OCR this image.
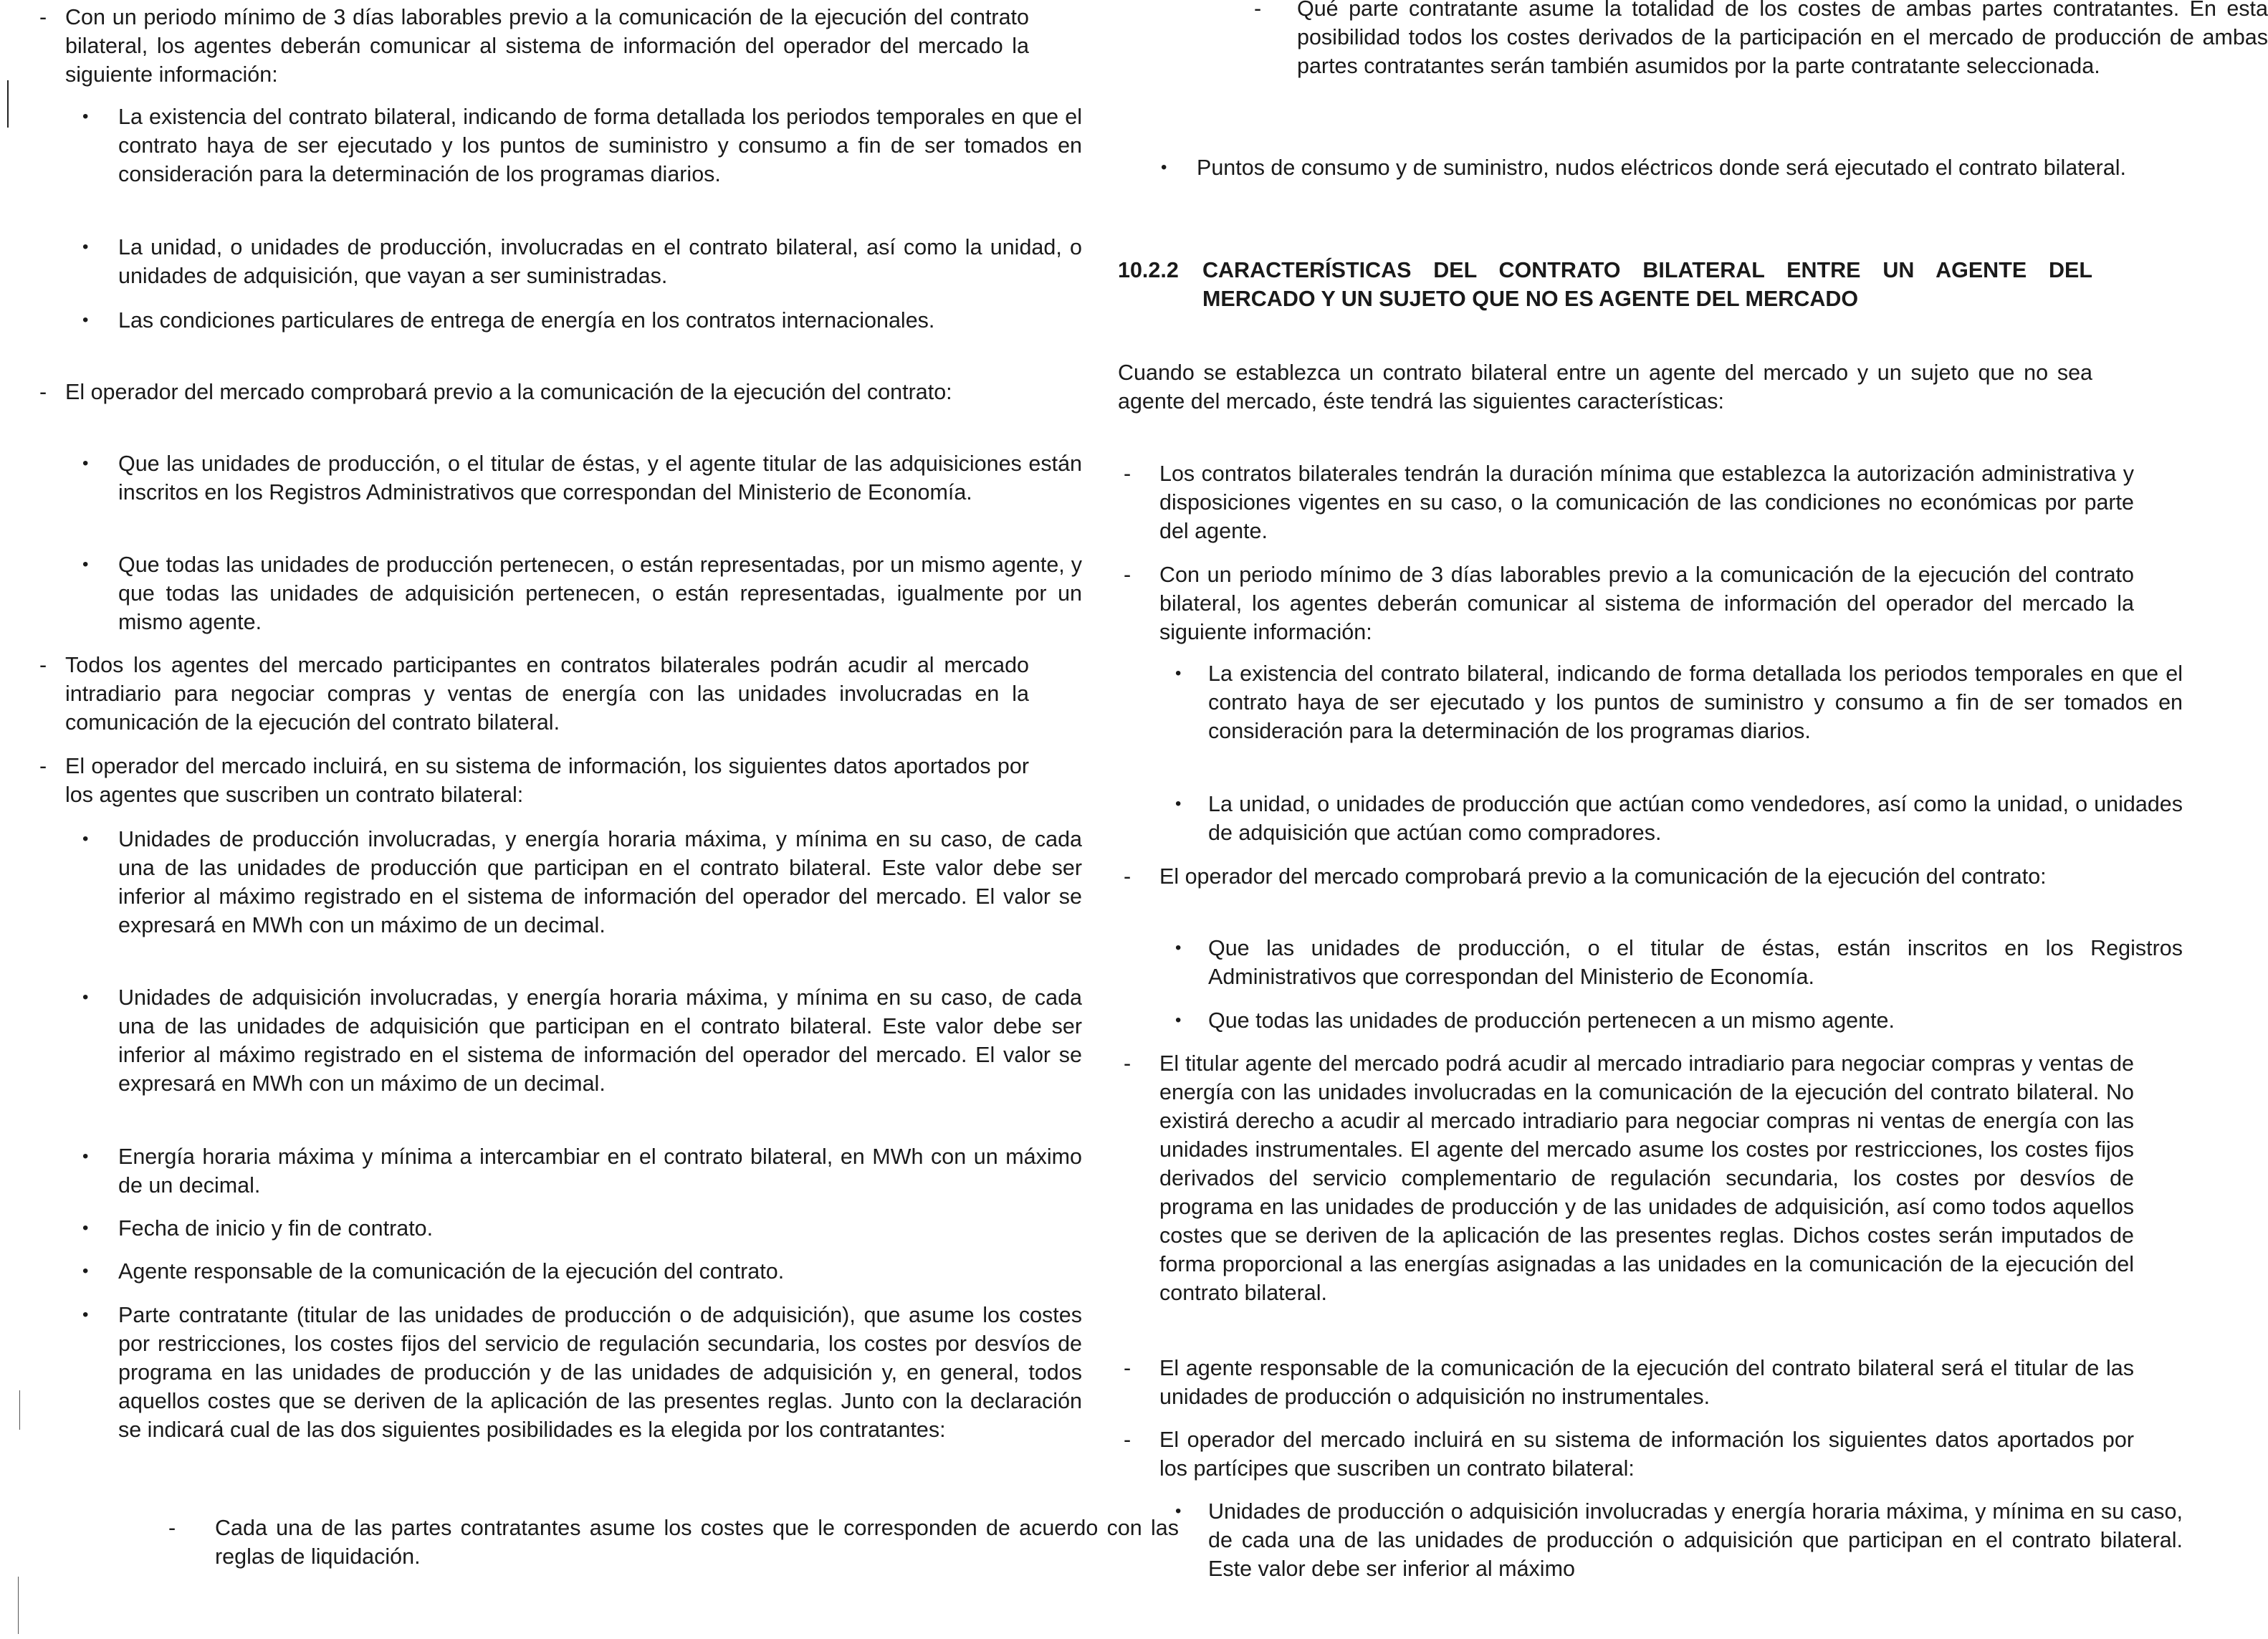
- Con un periodo mínimo de 3 días laborables previo a la comunicación de la ejecución del contrato bilateral, los agentes deberán comunicar al sistema de información del operador del mercado la siguiente información:

• La existencia del contrato bilateral, indicando de forma detallada los periodos temporales en que el contrato haya de ser ejecutado y los puntos de suministro y consumo a fin de ser tomados en consideración para la determinación de los programas diarios.

• La unidad, o unidades de producción, involucradas en el contrato bilateral, así como la unidad, o unidades de adquisición, que vayan a ser suministradas.

• Las condiciones particulares de entrega de energía en los contratos internacionales.

- El operador del mercado comprobará previo a la comunicación de la ejecución del contrato:

• Que las unidades de producción, o el titular de éstas, y el agente titular de las adquisiciones están inscritos en los Registros Administrativos que correspondan del Ministerio de Economía.

• Que todas las unidades de producción pertenecen, o están representadas, por un mismo agente, y que todas las unidades de adquisición pertenecen, o están representadas, igualmente por un mismo agente.

- Todos los agentes del mercado participantes en contratos bilaterales podrán acudir al mercado intradiario para negociar compras y ventas de energía con las unidades involucradas en la comunicación de la ejecución del contrato bilateral.

- El operador del mercado incluirá, en su sistema de información, los siguientes datos aportados por los agentes que suscriben un contrato bilateral:

• Unidades de producción involucradas, y energía horaria máxima, y mínima en su caso, de cada una de las unidades de producción que participan en el contrato bilateral. Este valor debe ser inferior al máximo registrado en el sistema de información del operador del mercado. El valor se expresará en MWh con un máximo de un decimal.

• Unidades de adquisición involucradas, y energía horaria máxima, y mínima en su caso, de cada una de las unidades de adquisición que participan en el contrato bilateral. Este valor debe ser inferior al máximo registrado en el sistema de información del operador del mercado. El valor se expresará en MWh con un máximo de un decimal.

• Energía horaria máxima y mínima a intercambiar en el contrato bilateral, en MWh con un máximo de un decimal.

• Fecha de inicio y fin de contrato.

• Agente responsable de la comunicación de la ejecución del contrato.

• Parte contratante (titular de las unidades de producción o de adquisición), que asume los costes por restricciones, los costes fijos del servicio de regulación secundaria, los costes por desvíos de programa en las unidades de producción y de las unidades de adquisición y, en general, todos aquellos costes que se deriven de la aplicación de las presentes reglas. Junto con la declaración se indicará cual de las dos siguientes posibilidades es la elegida por los contratantes:

- Cada una de las partes contratantes asume los costes que le corresponden de acuerdo con las reglas de liquidación.

- Qué parte contratante asume la totalidad de los costes de ambas partes contratantes. En esta posibilidad todos los costes derivados de la participación en el mercado de producción de ambas partes contratantes serán también asumidos por la parte contratante seleccionada.

• Puntos de consumo y de suministro, nudos eléctricos donde será ejecutado el contrato bilateral.

10.2.2 CARACTERÍSTICAS DEL CONTRATO BILATERAL ENTRE UN AGENTE DEL MERCADO Y UN SUJETO QUE NO ES AGENTE DEL MERCADO

Cuando se establezca un contrato bilateral entre un agente del mercado y un sujeto que no sea agente del mercado, éste tendrá las siguientes características:

- Los contratos bilaterales tendrán la duración mínima que establezca la autorización administrativa y disposiciones vigentes en su caso, o la comunicación de las condiciones no económicas por parte del agente.

- Con un periodo mínimo de 3 días laborables previo a la comunicación de la ejecución del contrato bilateral, los agentes deberán comunicar al sistema de información del operador del mercado la siguiente información:

• La existencia del contrato bilateral, indicando de forma detallada los periodos temporales en que el contrato haya de ser ejecutado y los puntos de suministro y consumo a fin de ser tomados en consideración para la determinación de los programas diarios.

• La unidad, o unidades de producción que actúan como vendedores, así como la unidad, o unidades de adquisición que actúan como compradores.

- El operador del mercado comprobará previo a la comunicación de la ejecución del contrato:

• Que las unidades de producción, o el titular de éstas, están inscritos en los Registros Administrativos que correspondan del Ministerio de Economía.

• Que todas las unidades de producción pertenecen a un mismo agente.

- El titular agente del mercado podrá acudir al mercado intradiario para negociar compras y ventas de energía con las unidades involucradas en la comunicación de la ejecución del contrato bilateral. No existirá derecho a acudir al mercado intradiario para negociar compras ni ventas de energía con las unidades instrumentales. El agente del mercado asume los costes por restricciones, los costes fijos derivados del servicio complementario de regulación secundaria, los costes por desvíos de programa en las unidades de producción y de las unidades de adquisición, así como todos aquellos costes que se deriven de la aplicación de las presentes reglas. Dichos costes serán imputados de forma proporcional a las energías asignadas a las unidades en la comunicación de la ejecución del contrato bilateral.

- El agente responsable de la comunicación de la ejecución del contrato bilateral será el titular de las unidades de producción o adquisición no instrumentales.

- El operador del mercado incluirá en su sistema de información los siguientes datos aportados por los partícipes que suscriben un contrato bilateral:

• Unidades de producción o adquisición involucradas y energía horaria máxima, y mínima en su caso, de cada una de las unidades de producción o adquisición que participan en el contrato bilateral. Este valor debe ser inferior al máximo
